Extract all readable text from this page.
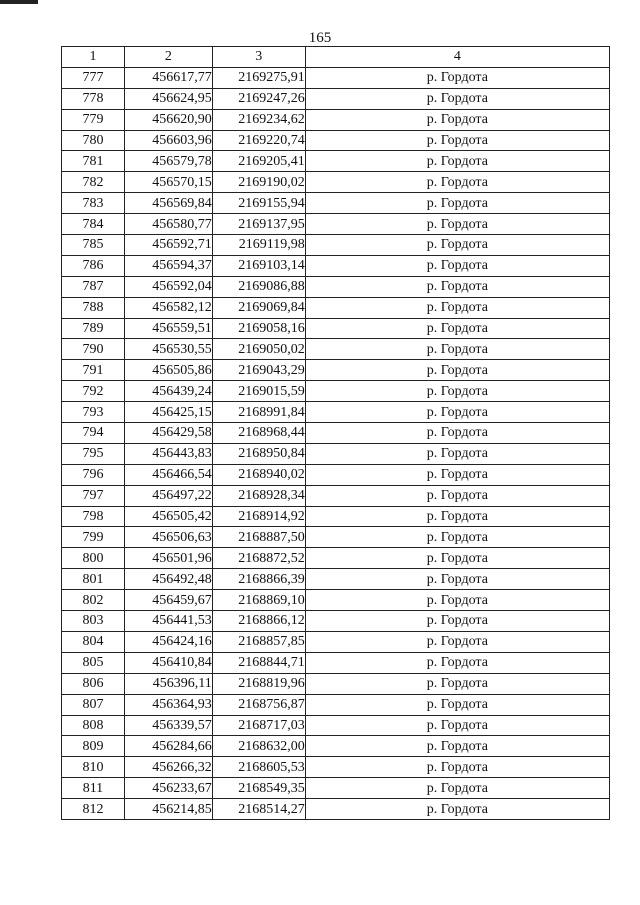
165
1	2	3	4
777	456617,77	2169275,91	р. Гордота
778	456624,95	2169247,26	р. Гордота
779	456620,90	2169234,62	р. Гордота
780	456603,96	2169220,74	р. Гордота
781	456579,78	2169205,41	р. Гордота
782	456570,15	2169190,02	р. Гордота
783	456569,84	2169155,94	р. Гордота
784	456580,77	2169137,95	р. Гордота
785	456592,71	2169119,98	р. Гордота
786	456594,37	2169103,14	р. Гордота
787	456592,04	2169086,88	р. Гордота
788	456582,12	2169069,84	р. Гордота
789	456559,51	2169058,16	р. Гордота
790	456530,55	2169050,02	р. Гордота
791	456505,86	2169043,29	р. Гордота
792	456439,24	2169015,59	р. Гордота
793	456425,15	2168991,84	р. Гордота
794	456429,58	2168968,44	р. Гордота
795	456443,83	2168950,84	р. Гордота
796	456466,54	2168940,02	р. Гордота
797	456497,22	2168928,34	р. Гордота
798	456505,42	2168914,92	р. Гордота
799	456506,63	2168887,50	р. Гордота
800	456501,96	2168872,52	р. Гордота
801	456492,48	2168866,39	р. Гордота
802	456459,67	2168869,10	р. Гордота
803	456441,53	2168866,12	р. Гордота
804	456424,16	2168857,85	р. Гордота
805	456410,84	2168844,71	р. Гордота
806	456396,11	2168819,96	р. Гордота
807	456364,93	2168756,87	р. Гордота
808	456339,57	2168717,03	р. Гордота
809	456284,66	2168632,00	р. Гордота
810	456266,32	2168605,53	р. Гордота
811	456233,67	2168549,35	р. Гордота
812	456214,85	2168514,27	р. Гордота
